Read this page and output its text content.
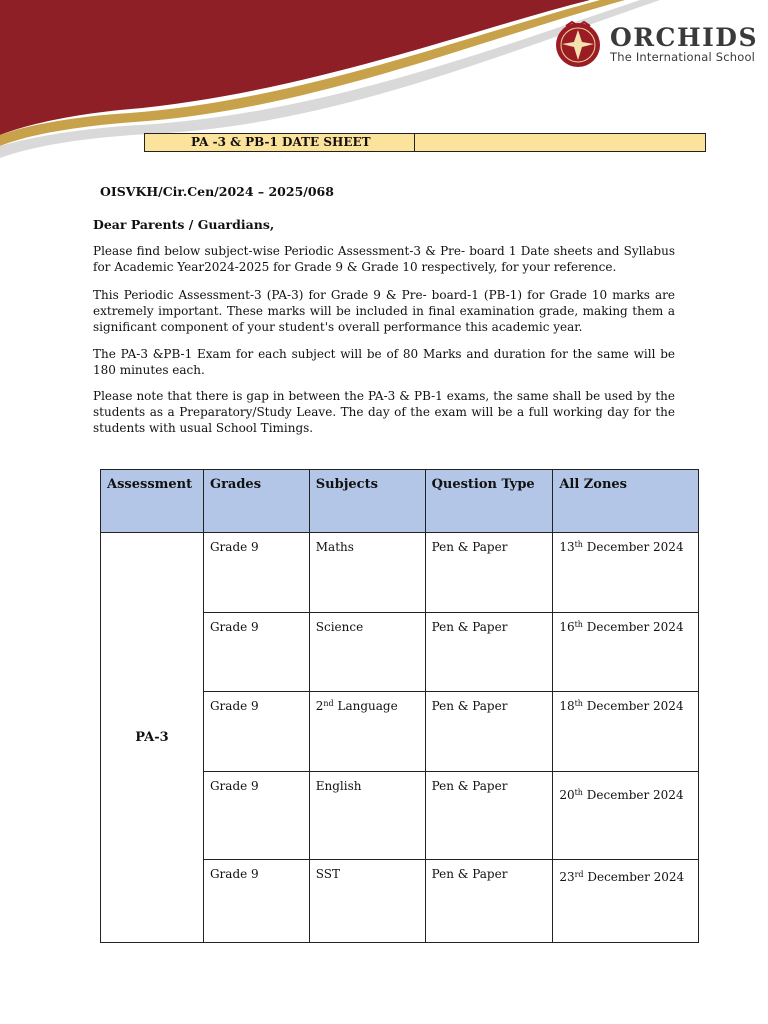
ORCHIDS
The International School
PA -3 & PB-1 DATE SHEET
OISVKH/Cir.Cen/2024 – 2025/068
Dear Parents / Guardians,

Please find below subject-wise Periodic Assessment-3 & Pre- board 1 Date sheets and Syllabus for Academic Year2024-2025 for Grade 9 & Grade 10 respectively, for your reference.

This Periodic Assessment-3 (PA-3) for Grade 9 & Pre- board-1 (PB-1) for Grade 10 marks are extremely important. These marks will be included in final examination grade, making them a significant component of your student's overall performance this academic year.

The PA-3 &PB-1 Exam for each subject will be of 80 Marks and duration for the same will be 180 minutes each.

Please note that there is gap in between the PA-3 & PB-1 exams, the same shall be used by the students as a Preparatory/Study Leave. The day of the exam will be a full working day for the students with usual School Timings.

Assessment	Grades	Subjects	Question Type	All Zones
PA-3	Grade 9	Maths	Pen & Paper	13th December 2024
	Grade 9	Science	Pen & Paper	16th December 2024
	Grade 9	2nd Language	Pen & Paper	18th December 2024
	Grade 9	English	Pen & Paper	20th December 2024
	Grade 9	SST	Pen & Paper	23rd December 2024
